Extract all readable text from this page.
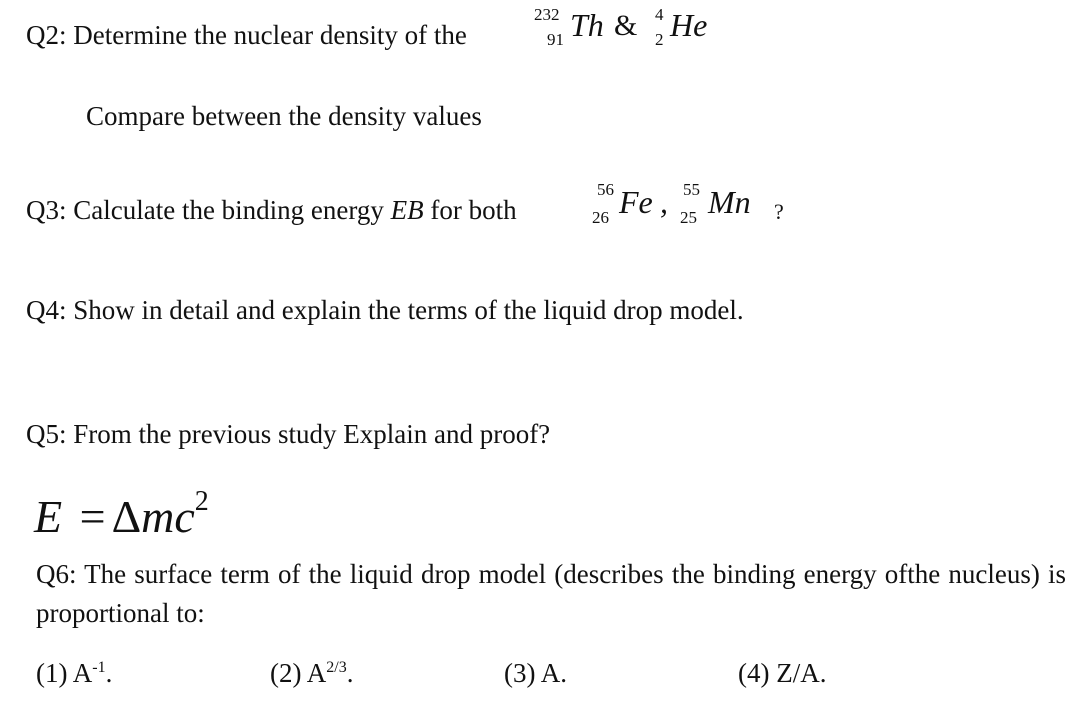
Q2: Determine the nuclear density of the
232
91 Th & 4
2 He
Compare between the density values
Q3: Calculate the binding energy EB for both
56
26 Fe , 55
25 Mn ?
Q4: Show in detail and explain the terms of the liquid drop model.
Q5: From the previous study Explain and proof?
E = Δmc$^2$
Q6: The surface term of the liquid drop model (describes the binding energy ofthe nucleus) is proportional to:
(1) $A^{-1}$.	(2) $A^{2/3}$.	(3) A.	(4) Z/A.
